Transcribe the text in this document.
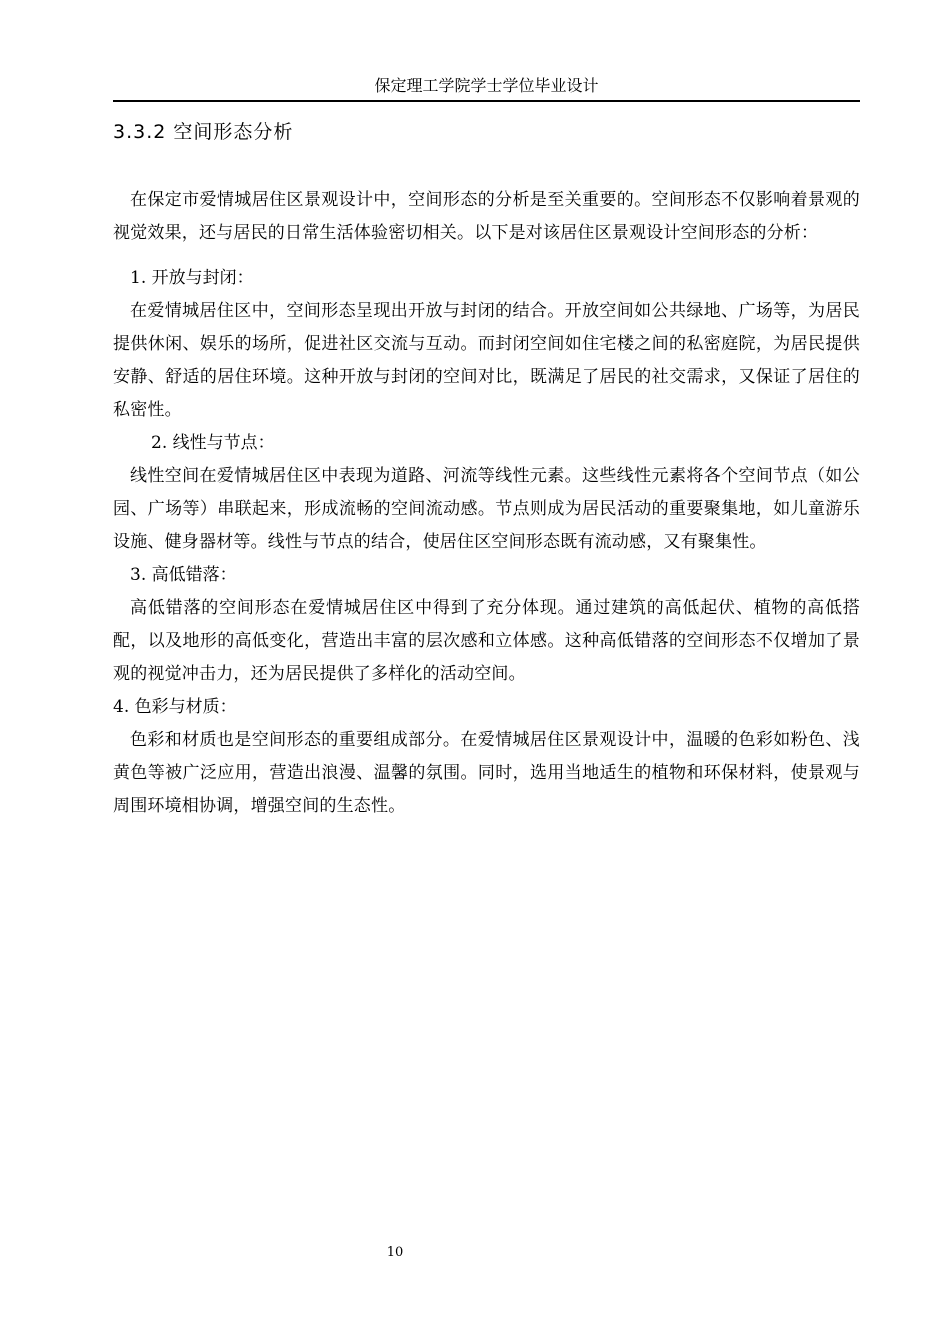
保定理工学院学士学位毕业设计
3.3.2 空间形态分析

在保定市爱情城居住区景观设计中，空间形态的分析是至关重要的。空间形态不仅影响着景观的视觉效果，还与居民的日常生活体验密切相关。以下是对该居住区景观设计空间形态的分析：

1. 开放与封闭：

在爱情城居住区中，空间形态呈现出开放与封闭的结合。开放空间如公共绿地、广场等，为居民提供休闲、娱乐的场所，促进社区交流与互动。而封闭空间如住宅楼之间的私密庭院，为居民提供安静、舒适的居住环境。这种开放与封闭的空间对比，既满足了居民的社交需求，又保证了居住的私密性。

2. 线性与节点：

线性空间在爱情城居住区中表现为道路、河流等线性元素。这些线性元素将各个空间节点（如公园、广场等）串联起来，形成流畅的空间流动感。节点则成为居民活动的重要聚集地，如儿童游乐设施、健身器材等。线性与节点的结合，使居住区空间形态既有流动感，又有聚集性。

3. 高低错落：

高低错落的空间形态在爱情城居住区中得到了充分体现。通过建筑的高低起伏、植物的高低搭配，以及地形的高低变化，营造出丰富的层次感和立体感。这种高低错落的空间形态不仅增加了景观的视觉冲击力，还为居民提供了多样化的活动空间。

4. 色彩与材质：

色彩和材质也是空间形态的重要组成部分。在爱情城居住区景观设计中，温暖的色彩如粉色、浅黄色等被广泛应用，营造出浪漫、温馨的氛围。同时，选用当地适生的植物和环保材料，使景观与周围环境相协调，增强空间的生态性。

10
